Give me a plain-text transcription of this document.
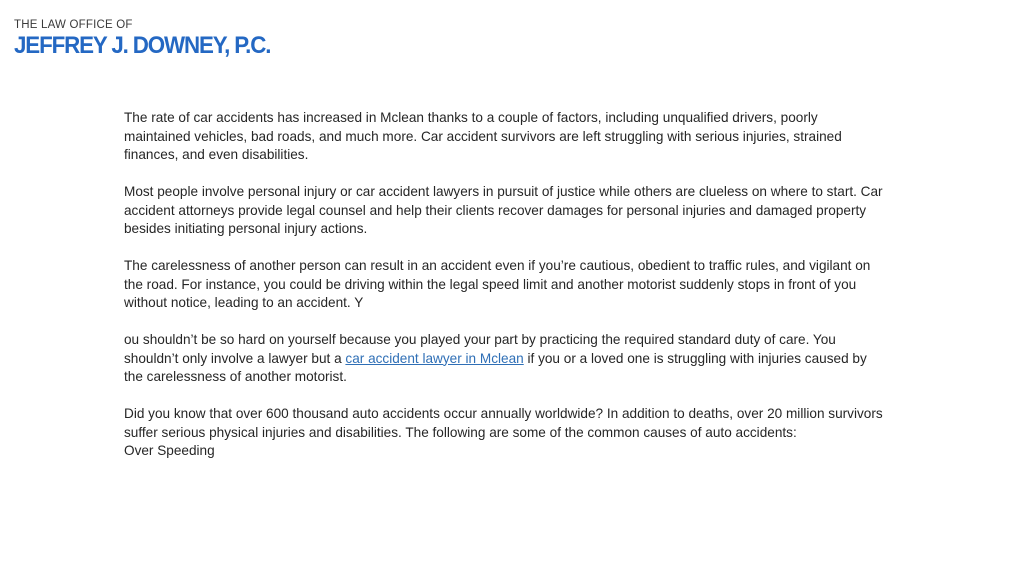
THE LAW OFFICE OF
JEFFREY J. DOWNEY, P.C.

The rate of car accidents has increased in Mclean thanks to a couple of factors, including unqualified drivers, poorly maintained vehicles, bad roads, and much more. Car accident survivors are left struggling with serious injuries, strained finances, and even disabilities.

Most people involve personal injury or car accident lawyers in pursuit of justice while others are clueless on where to start. Car accident attorneys provide legal counsel and help their clients recover damages for personal injuries and damaged property besides initiating personal injury actions.

The carelessness of another person can result in an accident even if you’re cautious, obedient to traffic rules, and vigilant on the road. For instance, you could be driving within the legal speed limit and another motorist suddenly stops in front of you without notice, leading to an accident. Y

ou shouldn’t be so hard on yourself because you played your part by practicing the required standard duty of care. You shouldn’t only involve a lawyer but a car accident lawyer in Mclean if you or a loved one is struggling with injuries caused by the carelessness of another motorist.

Did you know that over 600 thousand auto accidents occur annually worldwide? In addition to deaths, over 20 million survivors suffer serious physical injuries and disabilities. The following are some of the common causes of auto accidents:

Over Speeding
